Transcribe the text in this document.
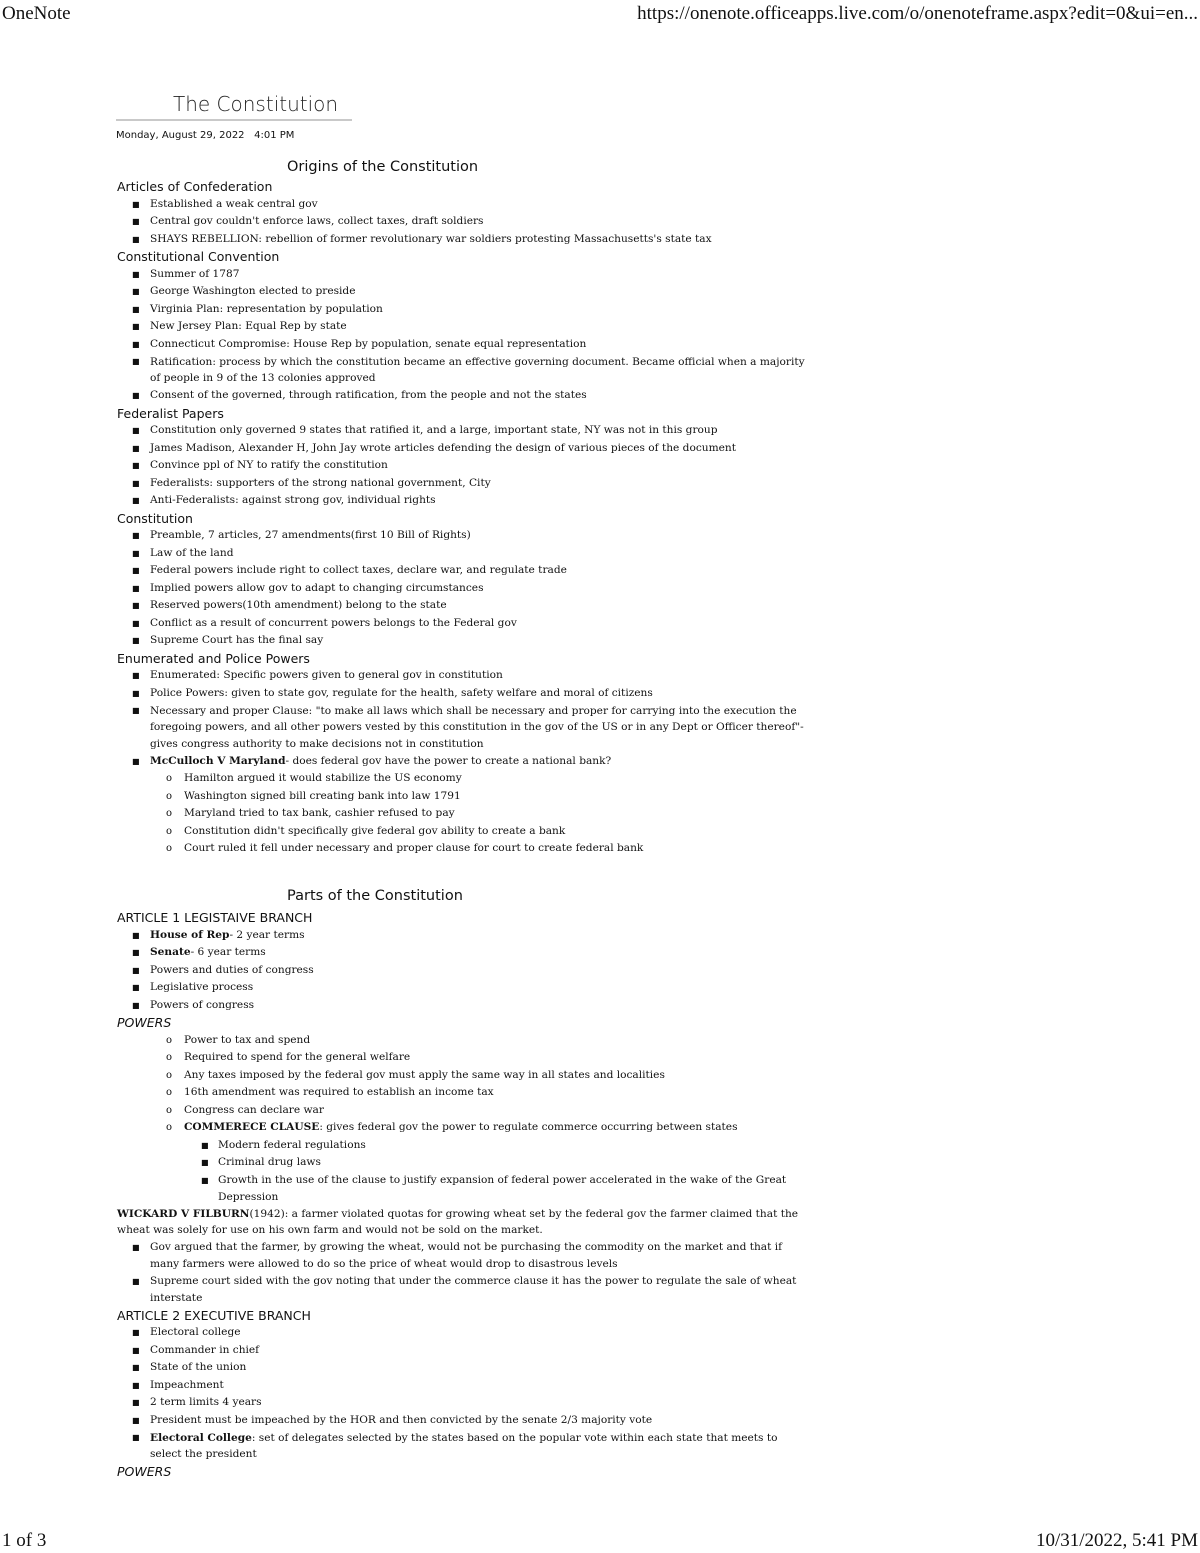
OneNote	https://onenote.officeapps.live.com/o/onenoteframe.aspx?edit=0&ui=en...
1 of 3	10/31/2022, 5:41 PM
The Constitution
Monday, August 29, 2022 4:01 PM
Origins of the Constitution
Articles of Confederation
■ Established a weak central gov
■ Central gov couldn't enforce laws, collect taxes, draft soldiers
■ SHAYS REBELLION: rebellion of former revolutionary war soldiers protesting Massachusetts's state tax
Constitutional Convention
■ Summer of 1787
■ George Washington elected to preside
■ Virginia Plan: representation by population
■ New Jersey Plan: Equal Rep by state
■ Connecticut Compromise: House Rep by population, senate equal representation
■ Ratification: process by which the constitution became an effective governing document. Became official when a majority of people in 9 of the 13 colonies approved
■ Consent of the governed, through ratification, from the people and not the states
Federalist Papers
■ Constitution only governed 9 states that ratified it, and a large, important state, NY was not in this group
■ James Madison, Alexander H, John Jay wrote articles defending the design of various pieces of the document
■ Convince ppl of NY to ratify the constitution
■ Federalists: supporters of the strong national government, City
■ Anti-Federalists: against strong gov, individual rights
Constitution
■ Preamble, 7 articles, 27 amendments(first 10 Bill of Rights)
■ Law of the land
■ Federal powers include right to collect taxes, declare war, and regulate trade
■ Implied powers allow gov to adapt to changing circumstances
■ Reserved powers(10th amendment) belong to the state
■ Conflict as a result of concurrent powers belongs to the Federal gov
■ Supreme Court has the final say
Enumerated and Police Powers
■ Enumerated: Specific powers given to general gov in constitution
■ Police Powers: given to state gov, regulate for the health, safety welfare and moral of citizens
■ Necessary and proper Clause: "to make all laws which shall be necessary and proper for carrying into the execution the foregoing powers, and all other powers vested by this constitution in the gov of the US or in any Dept or Officer thereof"- gives congress authority to make decisions not in constitution
■ McCulloch V Maryland- does federal gov have the power to create a national bank?
o Hamilton argued it would stabilize the US economy
o Washington signed bill creating bank into law 1791
o Maryland tried to tax bank, cashier refused to pay
o Constitution didn't specifically give federal gov ability to create a bank
o Court ruled it fell under necessary and proper clause for court to create federal bank
Parts of the Constitution
ARTICLE 1 LEGISTAIVE BRANCH
■ House of Rep- 2 year terms
■ Senate- 6 year terms
■ Powers and duties of congress
■ Legislative process
■ Powers of congress
POWERS
o Power to tax and spend
o Required to spend for the general welfare
o Any taxes imposed by the federal gov must apply the same way in all states and localities
o 16th amendment was required to establish an income tax
o Congress can declare war
o COMMERECE CLAUSE: gives federal gov the power to regulate commerce occurring between states
■ Modern federal regulations
■ Criminal drug laws
■ Growth in the use of the clause to justify expansion of federal power accelerated in the wake of the Great Depression
WICKARD V FILBURN(1942): a farmer violated quotas for growing wheat set by the federal gov the farmer claimed that the wheat was solely for use on his own farm and would not be sold on the market.
■ Gov argued that the farmer, by growing the wheat, would not be purchasing the commodity on the market and that if many farmers were allowed to do so the price of wheat would drop to disastrous levels
■ Supreme court sided with the gov noting that under the commerce clause it has the power to regulate the sale of wheat interstate
ARTICLE 2 EXECUTIVE BRANCH
■ Electoral college
■ Commander in chief
■ State of the union
■ Impeachment
■ 2 term limits 4 years
■ President must be impeached by the HOR and then convicted by the senate 2/3 majority vote
■ Electoral College: set of delegates selected by the states based on the popular vote within each state that meets to select the president
POWERS
